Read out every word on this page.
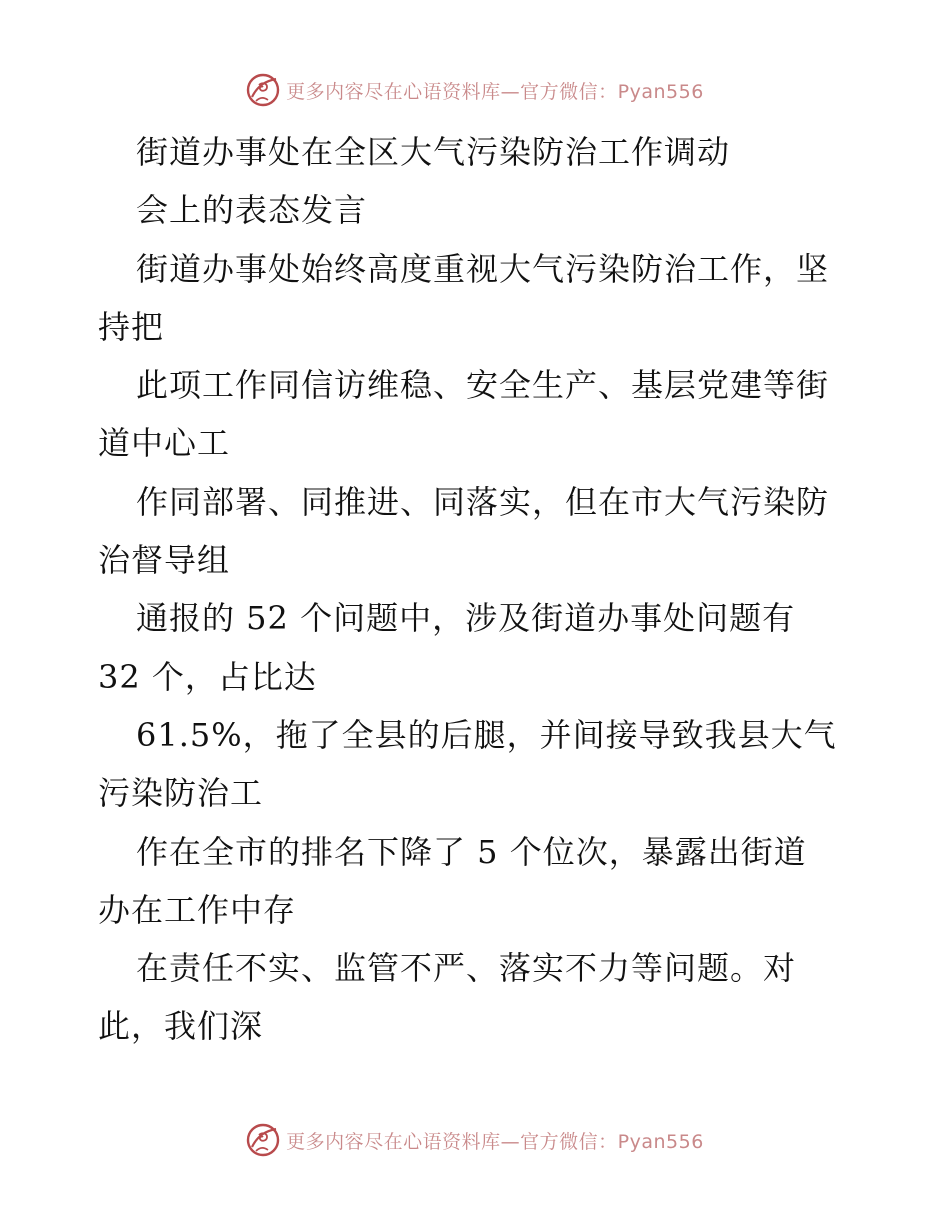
更多内容尽在心语资料库—官方微信：Pyan556
街道办事处在全区大气污染防治工作调动
会上的表态发言
街道办事处始终高度重视大气污染防治工作，坚
持把
此项工作同信访维稳、安全生产、基层党建等街
道中心工
作同部署、同推进、同落实，但在市大气污染防
治督导组
通报的 52 个问题中，涉及街道办事处问题有
32 个，占比达
61.5%，拖了全县的后腿，并间接导致我县大气
污染防治工
作在全市的排名下降了 5 个位次，暴露出街道
办在工作中存
在责任不实、监管不严、落实不力等问题。对
此，我们深
更多内容尽在心语资料库—官方微信：Pyan556
